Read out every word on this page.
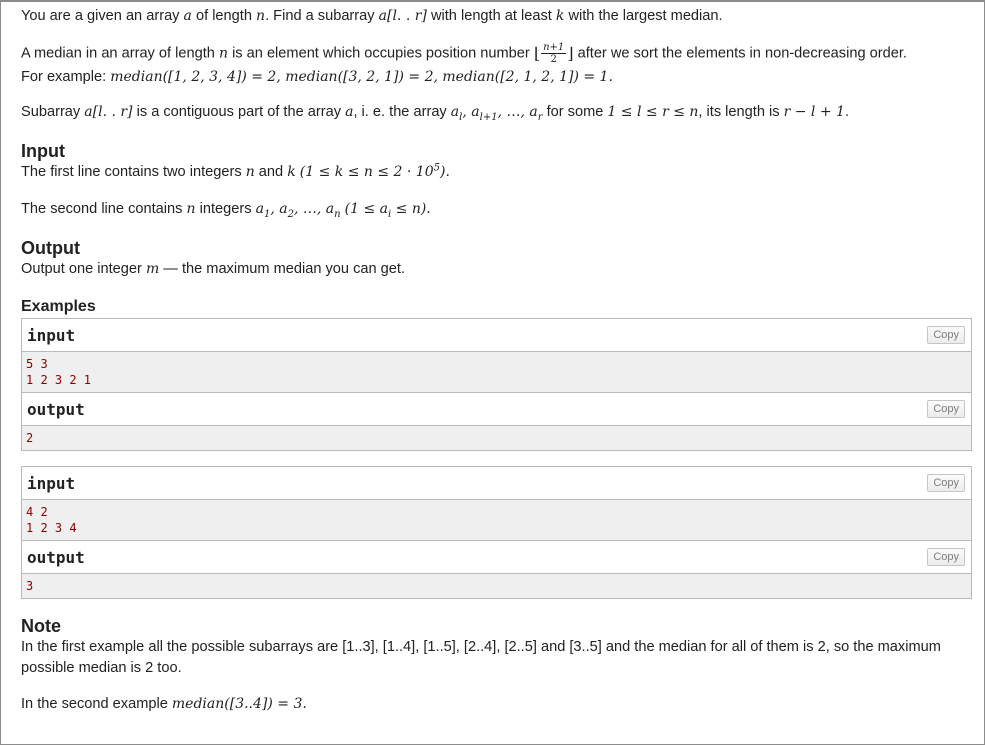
You are a given an array a of length n. Find a subarray a[l. . r] with length at least k with the largest median.

A median in an array of length n is an element which occupies position number ⌊ $\frac{n+1}{2}$ ⌋ after we sort the elements in non-decreasing order.

For example: median([1, 2, 3, 4]) = 2, median([3, 2, 1]) = 2, median([2, 1, 2, 1]) = 1.

Subarray a[l. . r] is a contiguous part of the array a, i. e. the array $a_l$, $a_{l+1}$, …, $a_r$ for some 1 ≤ l ≤ r ≤ n, its length is r − l + 1.

Input

The first line contains two integers n and k $(1 \le k \le n \le 2 \cdot 10^5)$.

The second line contains n integers $a_1$, $a_2$, …, $a_n$ $(1 \le a_i \le n)$.

Output

Output one integer m — the maximum median you can get.

Examples
input	Copy
5 3
1 2 3 2 1
output	Copy
2
input	Copy
4 2
1 2 3 4
output	Copy
3
Note

In the first example all the possible subarrays are [1..3], [1..4], [1..5], [2..4], [2..5] and [3..5] and the median for all of them is 2, so the maximum possible median is 2 too.

In the second example median([3..4]) = 3.
